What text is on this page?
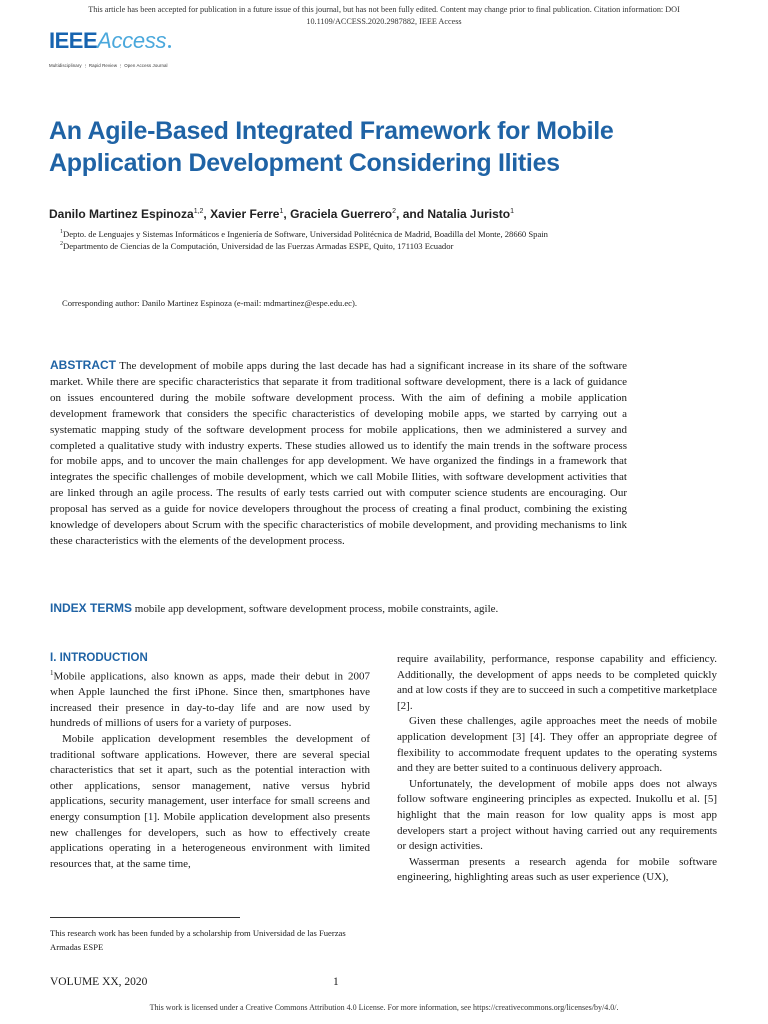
This article has been accepted for publication in a future issue of this journal, but has not been fully edited. Content may change prior to final publication. Citation information: DOI
10.1109/ACCESS.2020.2987882, IEEE Access
IEEE Access
Multidisciplinary ⋮ Rapid Review ⋮ Open Access Journal
An Agile-Based Integrated Framework for Mobile
Application Development Considering Ilities
Danilo Martinez Espinoza$^{1,2}$, Xavier Ferre$^1$, Graciela Guerrero$^2$, and Natalia Juristo$^1$
$^1$Depto. de Lenguajes y Sistemas Informáticos e Ingeniería de Software, Universidad Politécnica de Madrid, Boadilla del Monte, 28660 Spain
$^2$Departmento de Ciencias de la Computación, Universidad de las Fuerzas Armadas ESPE, Quito, 171103 Ecuador
Corresponding author: Danilo Martinez Espinoza (e-mail: mdmartinez@espe.edu.ec).
ABSTRACT The development of mobile apps during the last decade has had a significant increase in its share of the software market. While there are specific characteristics that separate it from traditional software development, there is a lack of guidance on issues encountered during the mobile software development process. With the aim of defining a mobile application development framework that considers the specific characteristics of developing mobile apps, we started by carrying out a systematic mapping study of the software development process for mobile applications, then we administered a survey and completed a qualitative study with industry experts. These studies allowed us to identify the main trends in the software process for mobile apps, and to uncover the main challenges for app development. We have organized the findings in a framework that integrates the specific challenges of mobile development, which we call Mobile Ilities, with software development activities that are linked through an agile process. The results of early tests carried out with computer science students are encouraging. Our proposal has served as a guide for novice developers throughout the process of creating a final product, combining the existing knowledge of developers about Scrum with the specific characteristics of mobile development, and providing mechanisms to link these characteristics with the elements of the development process.
INDEX TERMS mobile app development, software development process, mobile constraints, agile.
I. INTRODUCTION

$^1$Mobile applications, also known as apps, made their debut in 2007 when Apple launched the first iPhone. Since then, smartphones have increased their presence in day-to-day life and are now used by hundreds of millions of users for a variety of purposes.

Mobile application development resembles the development of traditional software applications. However, there are several special characteristics that set it apart, such as the potential interaction with other applications, sensor management, native versus hybrid applications, security management, user interface for small screens and energy consumption [1]. Mobile application development also presents new challenges for developers, such as how to effectively create applications operating in a heterogeneous environment with limited resources that, at the same time,

require availability, performance, response capability and efficiency. Additionally, the development of apps needs to be completed quickly and at low costs if they are to succeed in such a competitive marketplace [2].

Given these challenges, agile approaches meet the needs of mobile application development [3] [4]. They offer an appropriate degree of flexibility to accommodate frequent updates to the operating systems and they are better suited to a continuous delivery approach.

Unfortunately, the development of mobile apps does not always follow software engineering principles as expected. Inukollu et al. [5] highlight that the main reason for low quality apps is most app developers start a project without having carried out any requirements or design activities.

Wasserman presents a research agenda for mobile software engineering, highlighting areas such as user experience (UX),

This research work has been funded by a scholarship from Universidad de las Fuerzas Armadas ESPE
VOLUME XX, 2020	1
This work is licensed under a Creative Commons Attribution 4.0 License. For more information, see https://creativecommons.org/licenses/by/4.0/.
